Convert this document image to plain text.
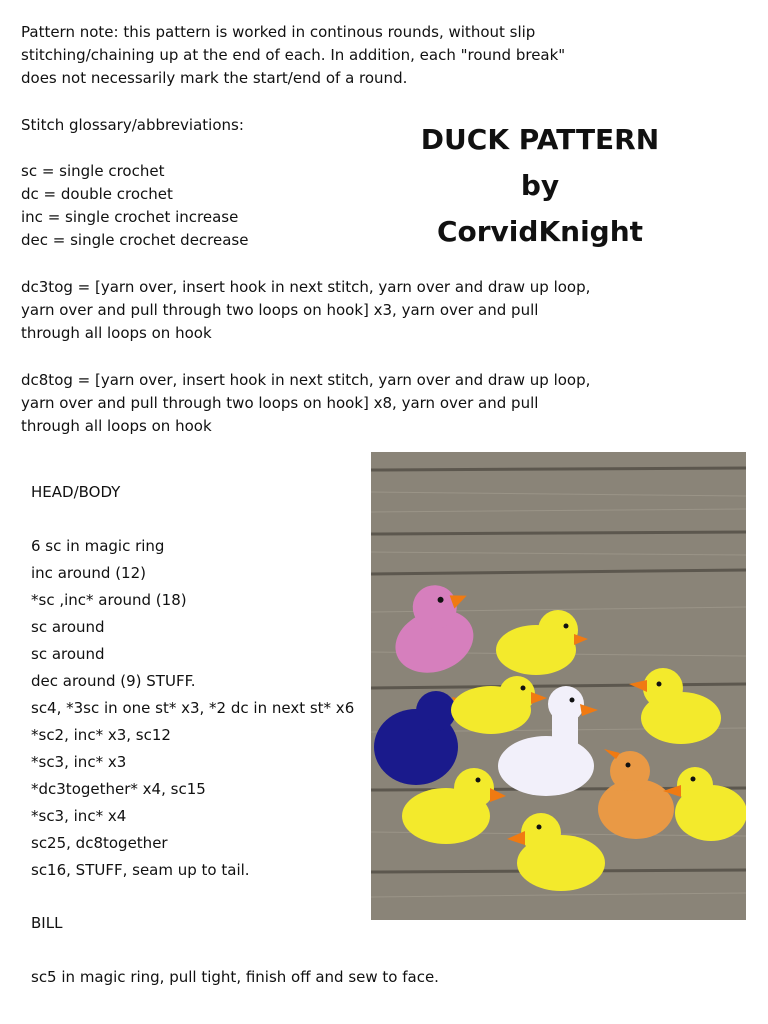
Pattern note: this pattern is worked in continous rounds, without slip

stitching/chaining up at the end of each. In addition, each "round break"

does not necessarily mark the start/end of a round.

Stitch glossary/abbreviations:

sc = single crochet

dc = double crochet

inc = single crochet increase

dec = single crochet decrease

dc3tog = [yarn over, insert hook in next stitch, yarn over and draw up loop,

yarn over and pull through two loops on hook] x3, yarn over and pull

through all loops on hook

dc8tog = [yarn over, insert hook in next stitch, yarn over and draw up loop,

yarn over and pull through two loops on hook] x8, yarn over and pull

through all loops on hook

DUCK PATTERN
by
CorvidKnight

HEAD/BODY

6 sc in magic ring

inc around (12)

*sc ,inc* around (18)

sc around

sc around

dec around (9) STUFF.

sc4, *3sc in one st* x3, *2 dc in next st* x6

*sc2, inc* x3, sc12

*sc3, inc* x3

*dc3together* x4, sc15

*sc3, inc* x4

sc25, dc8together

sc16, STUFF, seam up to tail.

BILL

sc5 in magic ring, pull tight, finish off and sew to face.
